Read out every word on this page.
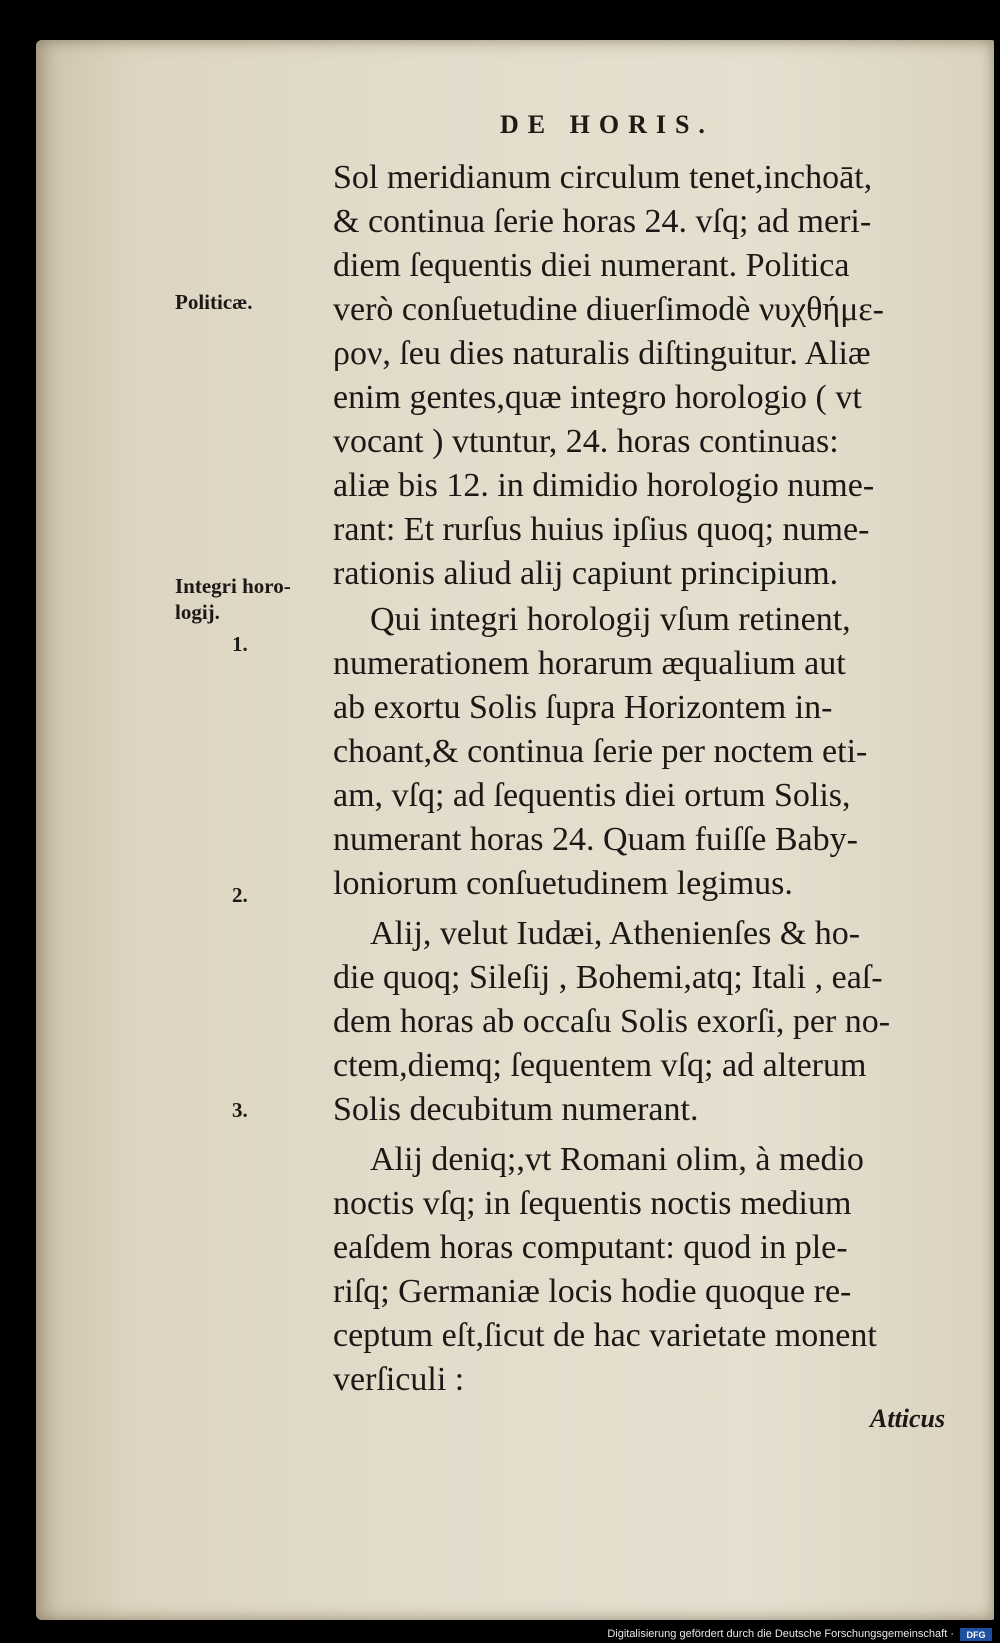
DE HORIS.
Politicæ.
Integri horo-
logij.
1.
2.
3.
Sol meridianum circulum tenet,inchoāt,
& continua ſerie horas 24. vſq; ad meri-
diem ſequentis diei numerant. Politica
verò conſuetudine diuerſimodè νυχθήμε-
ρον, ſeu dies naturalis diſtinguitur. Aliæ
enim gentes,quæ integro horologio ( vt
vocant ) vtuntur, 24. horas continuas:
aliæ bis 12. in dimidio horologio nume-
rant: Et rurſus huius ipſius quoq; nume-
rationis aliud alij capiunt principium.
Qui integri horologij vſum retinent,
numerationem horarum æqualium aut
ab exortu Solis ſupra Horizontem in-
choant,& continua ſerie per noctem eti-
am, vſq; ad ſequentis diei ortum Solis,
numerant horas 24. Quam fuiſſe Baby-
loniorum conſuetudinem legimus.
Alij, velut Iudæi, Athenienſes & ho-
die quoq; Sileſij , Bohemi,atq; Itali , eaſ-
dem horas ab occaſu Solis exorſi, per no-
ctem,diemq; ſequentem vſq; ad alterum
Solis decubitum numerant.
Alij deniq;,vt Romani olim, à medio
noctis vſq; in ſequentis noctis medium
eaſdem horas computant: quod in ple-
riſq; Germaniæ locis hodie quoque re-
ceptum eſt,ſicut de hac varietate monent
verſiculi :
Atticus
Digitalisierung gefördert durch die Deutsche Forschungsgemeinschaft ·	DFG
